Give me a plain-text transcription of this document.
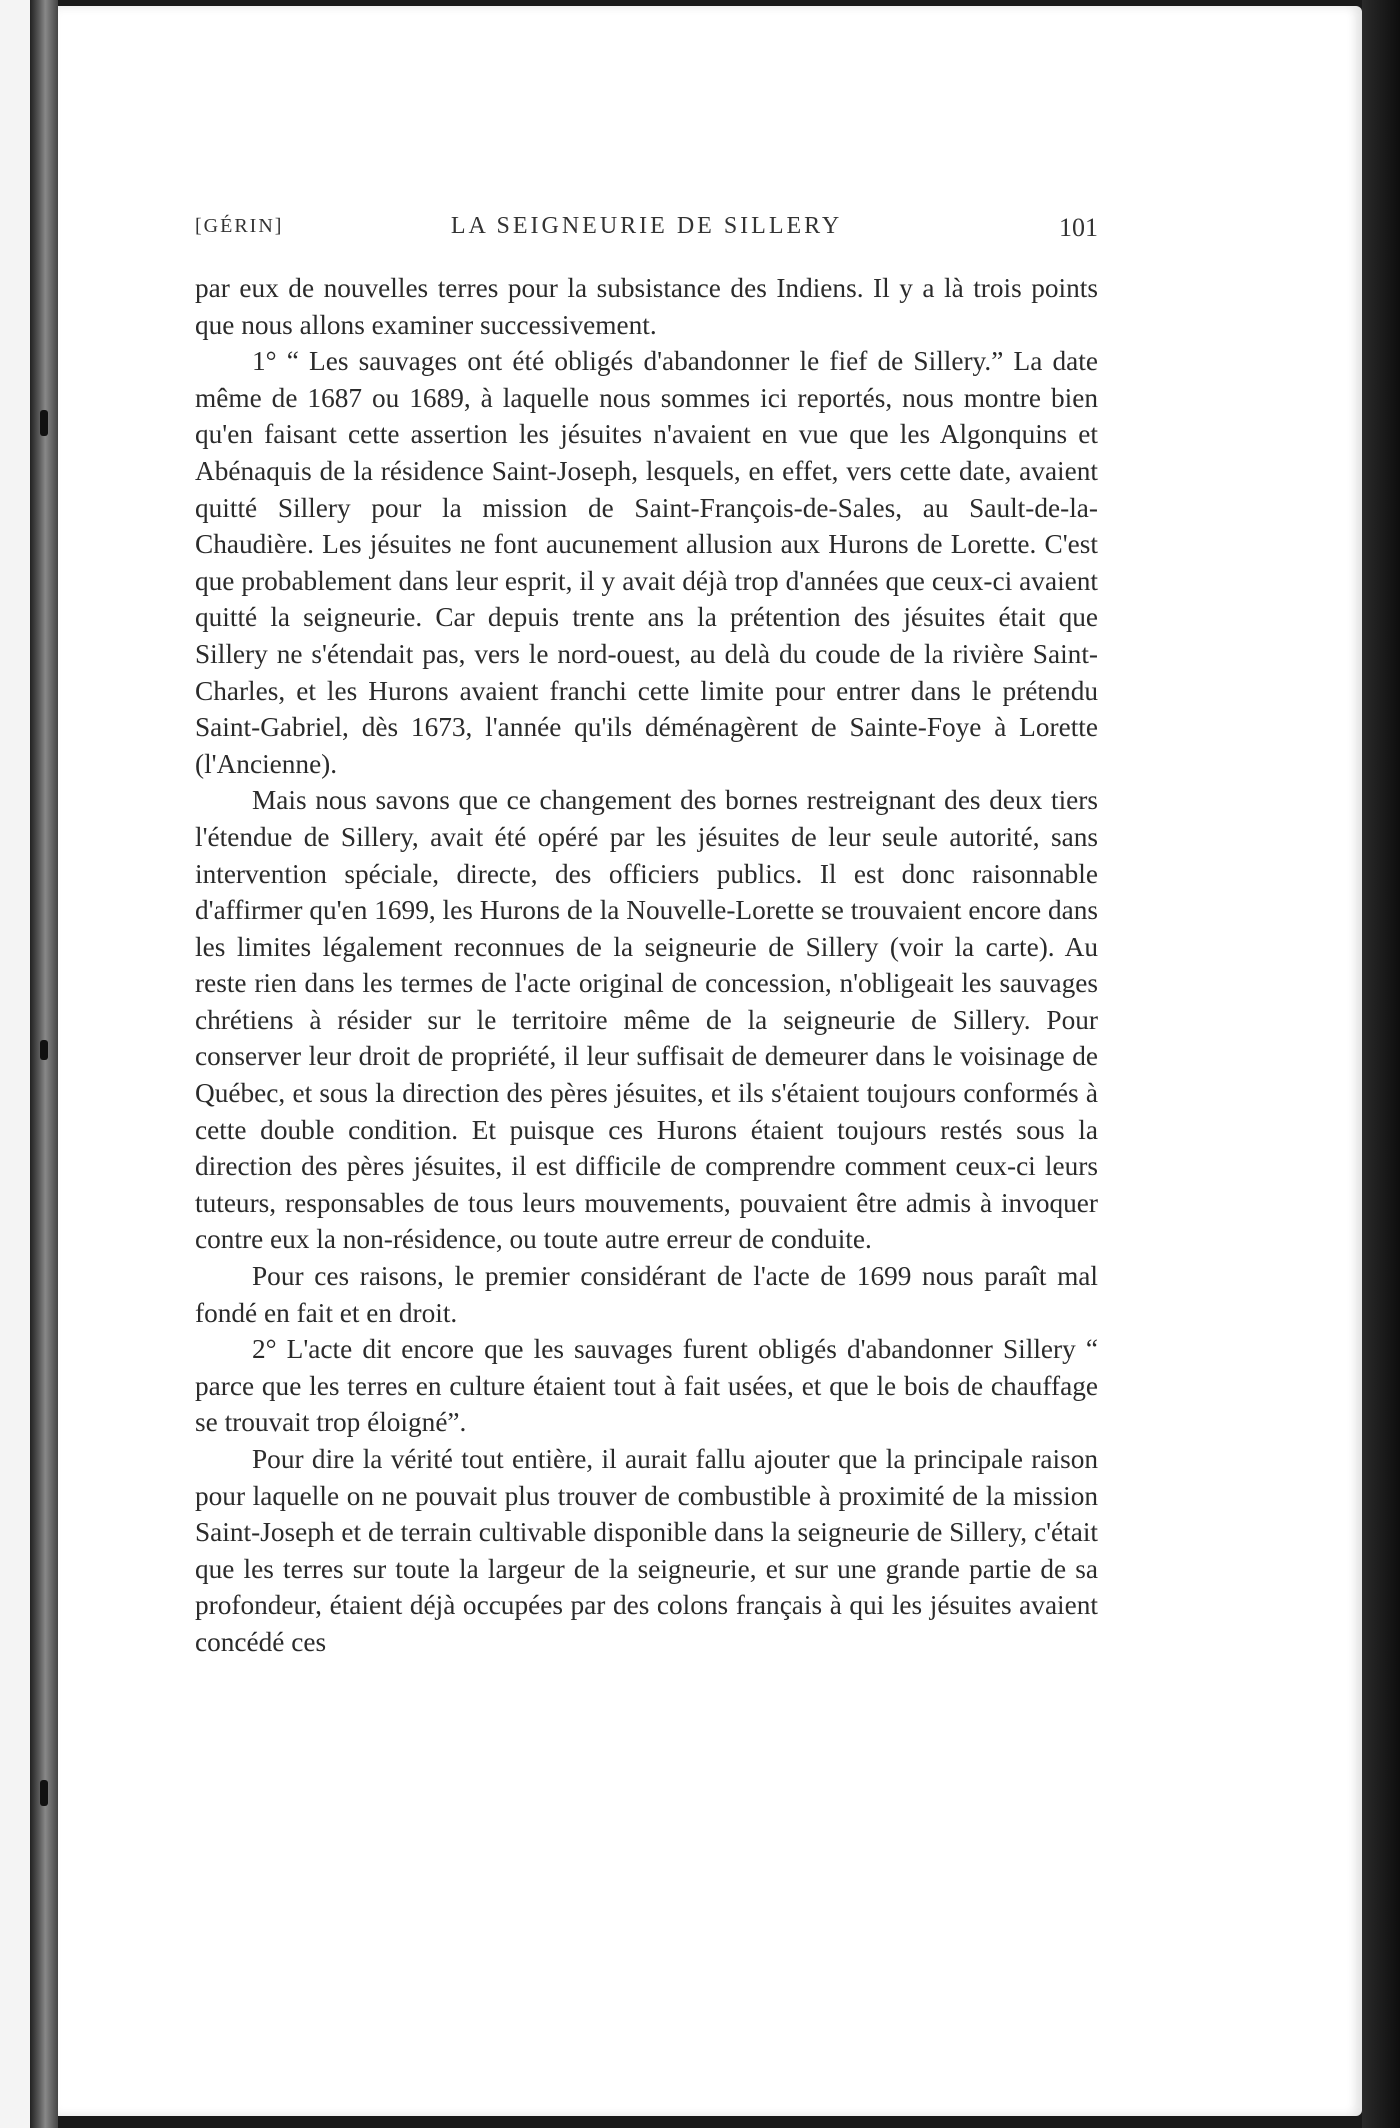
[GÉRIN]	LA SEIGNEURIE DE SILLERY	101

par eux de nouvelles terres pour la subsistance des Indiens. Il y a là trois points que nous allons examiner successivement.

1° “ Les sauvages ont été obligés d'abandonner le fief de Sillery.” La date même de 1687 ou 1689, à laquelle nous sommes ici reportés, nous montre bien qu'en faisant cette assertion les jésuites n'avaient en vue que les Algonquins et Abénaquis de la résidence Saint-Joseph, lesquels, en effet, vers cette date, avaient quitté Sillery pour la mission de Saint-François-de-Sales, au Sault-de-la-Chaudière. Les jésuites ne font aucunement allusion aux Hurons de Lorette. C'est que probablement dans leur esprit, il y avait déjà trop d'années que ceux-ci avaient quitté la seigneurie. Car depuis trente ans la prétention des jésuites était que Sillery ne s'étendait pas, vers le nord-ouest, au delà du coude de la rivière Saint-Charles, et les Hurons avaient franchi cette limite pour entrer dans le prétendu Saint-Gabriel, dès 1673, l'année qu'ils déménagèrent de Sainte-Foye à Lorette (l'Ancienne).

Mais nous savons que ce changement des bornes restreignant des deux tiers l'étendue de Sillery, avait été opéré par les jésuites de leur seule autorité, sans intervention spéciale, directe, des officiers publics. Il est donc raisonnable d'affirmer qu'en 1699, les Hurons de la Nouvelle-Lorette se trouvaient encore dans les limites légalement reconnues de la seigneurie de Sillery (voir la carte). Au reste rien dans les termes de l'acte original de concession, n'obligeait les sauvages chrétiens à résider sur le territoire même de la seigneurie de Sillery. Pour conserver leur droit de propriété, il leur suffisait de demeurer dans le voisinage de Québec, et sous la direction des pères jésuites, et ils s'étaient toujours conformés à cette double condition. Et puisque ces Hurons étaient toujours restés sous la direction des pères jésuites, il est difficile de comprendre comment ceux-ci leurs tuteurs, responsables de tous leurs mouvements, pouvaient être admis à invoquer contre eux la non-résidence, ou toute autre erreur de conduite.

Pour ces raisons, le premier considérant de l'acte de 1699 nous paraît mal fondé en fait et en droit.

2° L'acte dit encore que les sauvages furent obligés d'abandonner Sillery “ parce que les terres en culture étaient tout à fait usées, et que le bois de chauffage se trouvait trop éloigné”.

Pour dire la vérité tout entière, il aurait fallu ajouter que la principale raison pour laquelle on ne pouvait plus trouver de combustible à proximité de la mission Saint-Joseph et de terrain cultivable disponible dans la seigneurie de Sillery, c'était que les terres sur toute la largeur de la seigneurie, et sur une grande partie de sa profondeur, étaient déjà occupées par des colons français à qui les jésuites avaient concédé ces
